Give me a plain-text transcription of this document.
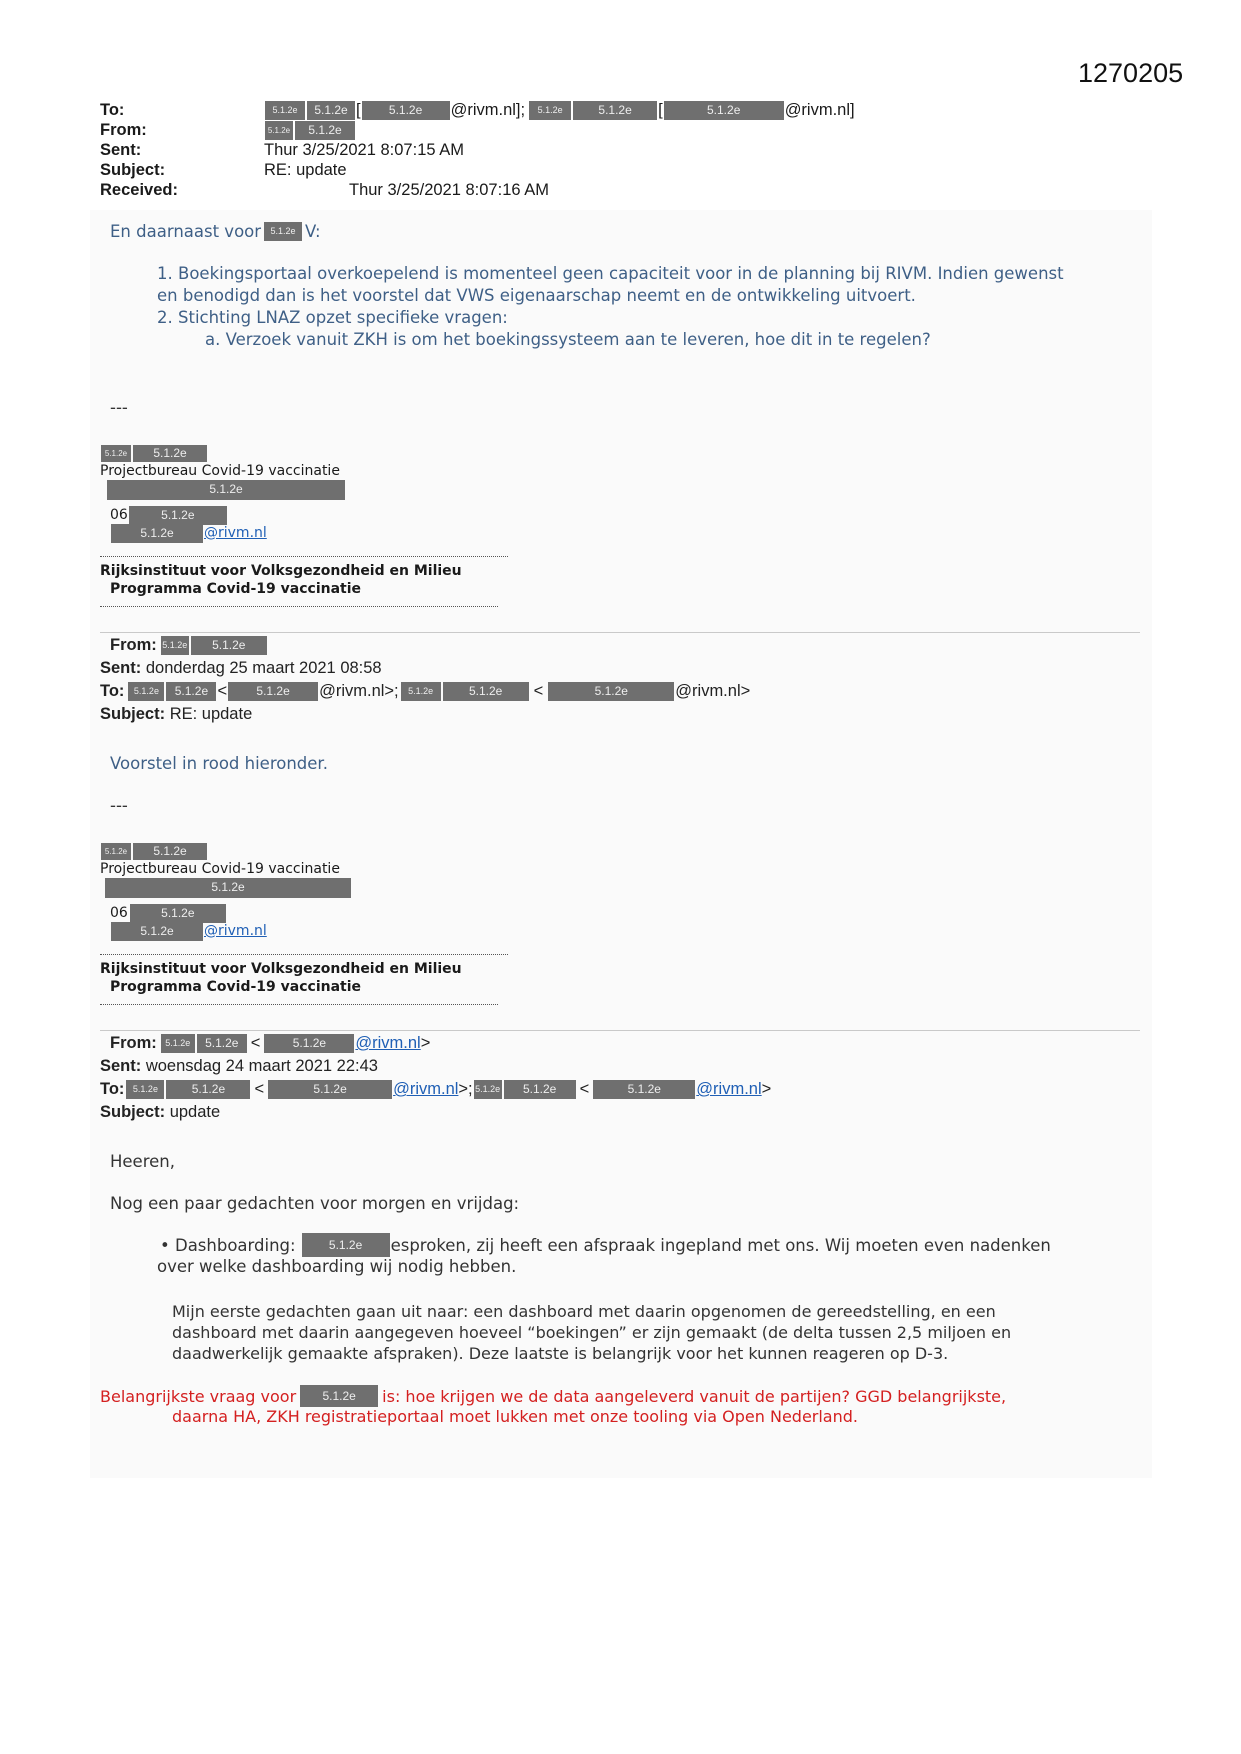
1270205
To:	5.1.2e	5.1.2e [	5.1.2e	@rivm.nl];	5.1.2e	5.1.2e	[	5.1.2e	@rivm.nl]
From:	5.1.2e	5.1.2e
Sent:	Thur 3/25/2021 8:07:15 AM
Subject:	RE: update
Received:	Thur 3/25/2021 8:07:16 AM
En daarnaast voor	5.1.2e V:
1. Boekingsportaal overkoepelend is momenteel geen capaciteit voor in de planning bij RIVM. Indien gewenst
en benodigd dan is het voorstel dat VWS eigenaarschap neemt en de ontwikkeling uitvoert.
2. Stichting LNAZ opzet specifieke vragen:
a. Verzoek vanuit ZKH is om het boekingssysteem aan te leveren, hoe dit in te regelen?
---
5.1.2e 5.1.2e
Projectbureau Covid-19 vaccinatie
5.1.2e
06	5.1.2e
5.1.2e	@rivm.nl
Rijksinstituut voor Volksgezondheid en Milieu
Programma Covid-19 vaccinatie
From: 5.1.2e	5.1.2e
Sent:
donderdag 25 maart 2021 08:58
To:	5.1.2e	5.1.2e <	5.1.2e	@rivm.nl>;	5.1.2e	5.1.2e	<	5.1.2e	@rivm.nl>
Subject:
RE: update
Voorstel in rood hieronder.
---
5.1.2e 5.1.2e
Projectbureau Covid-19 vaccinatie
5.1.2e
06	5.1.2e
5.1.2e	@rivm.nl
Rijksinstituut voor Volksgezondheid en Milieu
Programma Covid-19 vaccinatie
From: 5.1.2e	5.1.2e <	5.1.2e	@rivm.nl >
Sent:
woensdag 24 maart 2021 22:43
To: 5.1.2e	5.1.2e	<	5.1.2e	@rivm.nl >; 5.1.2e	5.1.2e	<	5.1.2e	@rivm.nl >
Subject:
update
Heeren,
Nog een paar gedachten voor morgen en vrijdag:
•
Dashboarding:	5.1.2e	esproken, zij heeft een afspraak ingepland met ons. Wij moeten even nadenken
over welke dashboarding wij nodig hebben.
Mijn eerste gedachten gaan uit naar: een dashboard met daarin opgenomen de gereedstelling, en een
dashboard met daarin aangegeven hoeveel “boekingen” er zijn gemaakt (de delta tussen 2,5 miljoen en
daadwerkelijk gemaakte afspraken). Deze laatste is belangrijk voor het kunnen reageren op D-3.
Belangrijkste vraag voor	5.1.2e	is: hoe krijgen we de data aangeleverd vanuit de partijen? GGD belangrijkste,
daarna HA, ZKH registratieportaal moet lukken met onze tooling via Open Nederland.
